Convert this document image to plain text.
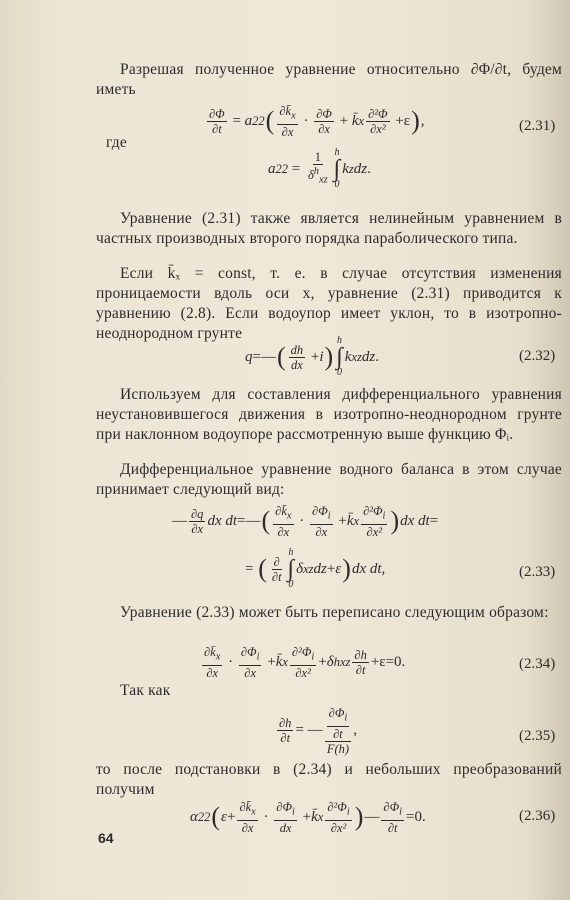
Разрешая полученное уравнение относительно ∂Φ/∂t, будем иметь
$\frac{\partial\Phi}{\partial t} = a$ 2 2 ( $\frac{\partial k̄_x}{\partial x} \cdot \frac{\partial\Phi}{\partial x}$ + k̄ x $\frac{\text{∂²Φ}}{\text{∂x²}} +\varepsilon$ ) ,	(2.31)
где
a 2 $2 = \frac{1}{\delta^h_{xz}}$ h
∫
0
k z dz .
Уравнение (2.31) также является нелинейным уравнением в частных производных второго порядка параболического типа.
Если k̄ₓ = const, т. е. в случае отсутствия изменения проницаемости вдоль оси x, уравнение (2.31) приводится к уравнению (2.8). Если водоупор имеет уклон, то в изотропно-неоднородном грунте
q =— ( $\frac{dh}{dx} + i$ )
h
∫
0
k xz dz .	(2.32)
Используем для составления дифференциального уравнения неустановившегося движения в изотропно-неоднородном грунте при наклонном водоупоре рассмотренную выше функцию Φᵢ.
Дифференциальное уравнение водного баланса в этом случае принимает следующий вид:
— $\frac{\partial q}{\partial x}$ dx dt =— ( $\frac{\partial k̄_x}{\partial x} \cdot \frac{\partial\Phi_i}{\partial x}$ + k̄ x $\frac{\partial^2\Phi_i}{\text{∂x²}}$ ) dx dt =
= ( $\frac{\partial}{\partial t}$
h
∫
0
δ xz dz + ε ) dx dt ,	(2.33)
Уравнение (2.33) может быть переписано следующим образом:
$\frac{\partial k̄_x}{\partial x} \cdot \frac{\partial\Phi_i}{\partial x}$ + k̄ x $\frac{\partial^2\Phi_i}{\text{∂x²}} + \delta$ h xz $\frac{\partial h}{\partial t} +\varepsilon=0$.	(2.34)
Так как
$\frac{\partial h}{\partial t}$ = — $\frac{\frac{\partial\Phi_i}{\partial t}}{F(h)}$ ,	(2.35)
то после подстановки в (2.34) и небольших преобразований получим
α 2 2 ( $\varepsilon + \frac{\partial k̄_x}{\partial x} \cdot \frac{\partial\Phi_i}{dx}$ + k̄ x $\frac{\partial^2\Phi_i}{\text{∂x²}}$ ) — $\frac{\partial\Phi_i}{\partial t} =0$.	(2.36)
64
